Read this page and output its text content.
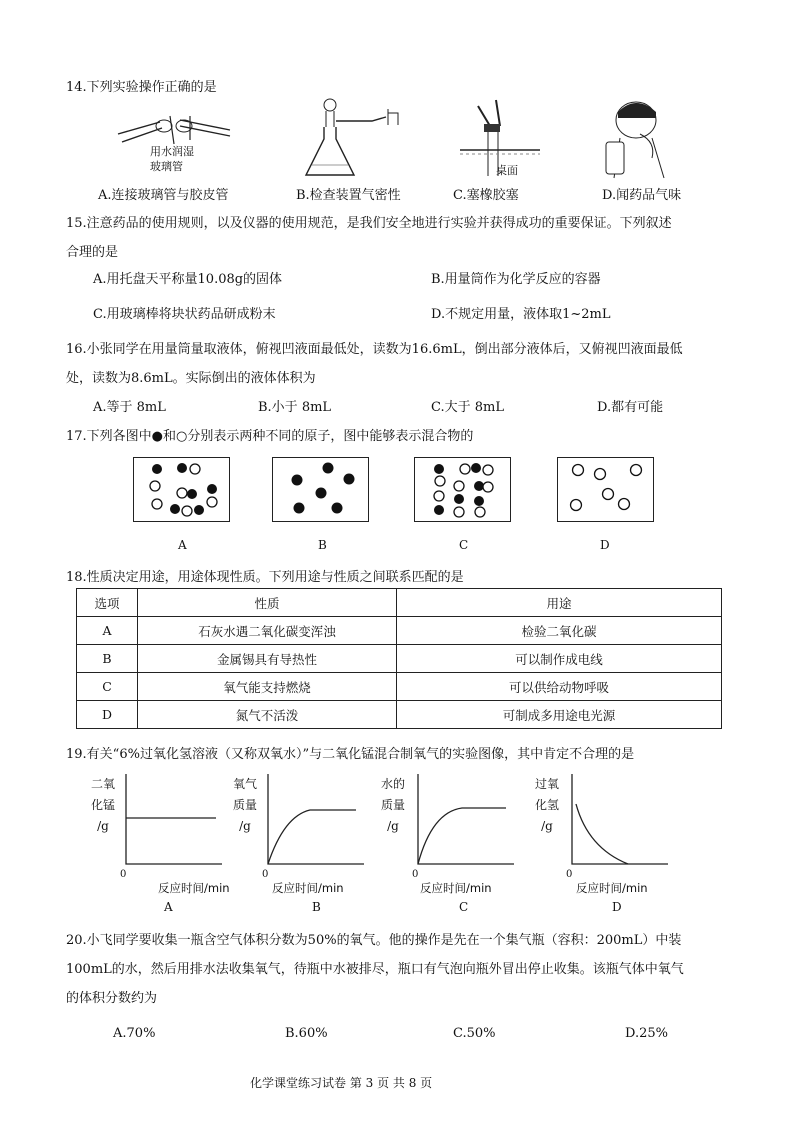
14.下列实验操作正确的是
用水润湿
玻璃管	桌面
A.连接玻璃管与胶皮管	B.检查装置气密性	C.塞橡胶塞	D.闻药品气味
15.注意药品的使用规则，以及仪器的使用规范，是我们安全地进行实验并获得成功的重要保证。下列叙述
合理的是
A.用托盘天平称量10.08g的固体	B.用量筒作为化学反应的容器
C.用玻璃棒将块状药品研成粉末	D.不规定用量，液体取1~2mL
16.小张同学在用量筒量取液体，俯视凹液面最低处，读数为16.6mL，倒出部分液体后，又俯视凹液面最低
处，读数为8.6mL。实际倒出的液体体积为
A.等于 8mL	B.小于 8mL	C.大于 8mL	D.都有可能
17.下列各图中●和○分别表示两种不同的原子，图中能够表示混合物的
A	B	C	D
18.性质决定用途，用途体现性质。下列用途与性质之间联系匹配的是
选项	性质	用途
A	石灰水遇二氧化碳变浑浊	检验二氧化碳
B	金属锡具有导热性	可以制作成电线
C	氧气能支持燃烧	可以供给动物呼吸
D	氮气不活泼	可制成多用途电光源
19.有关“6%过氧化氢溶液（又称双氧水）”与二氧化锰混合制氧气的实验图像，其中肯定不合理的是
二氧
化锰
/g
0
反应时间/min
A
氧气
质量
/g
0
反应时间/min
B
水的
质量
/g
0
反应时间/min
C
过氧
化氢
/g
0
反应时间/min
D
20.小飞同学要收集一瓶含空气体积分数为50%的氧气。他的操作是先在一个集气瓶（容积：200mL）中装
100mL的水，然后用排水法收集氧气，待瓶中水被排尽，瓶口有气泡向瓶外冒出停止收集。该瓶气体中氧气
的体积分数约为
A.70%	B.60%	C.50%	D.25%
化学课堂练习试卷 第 3 页 共 8 页
